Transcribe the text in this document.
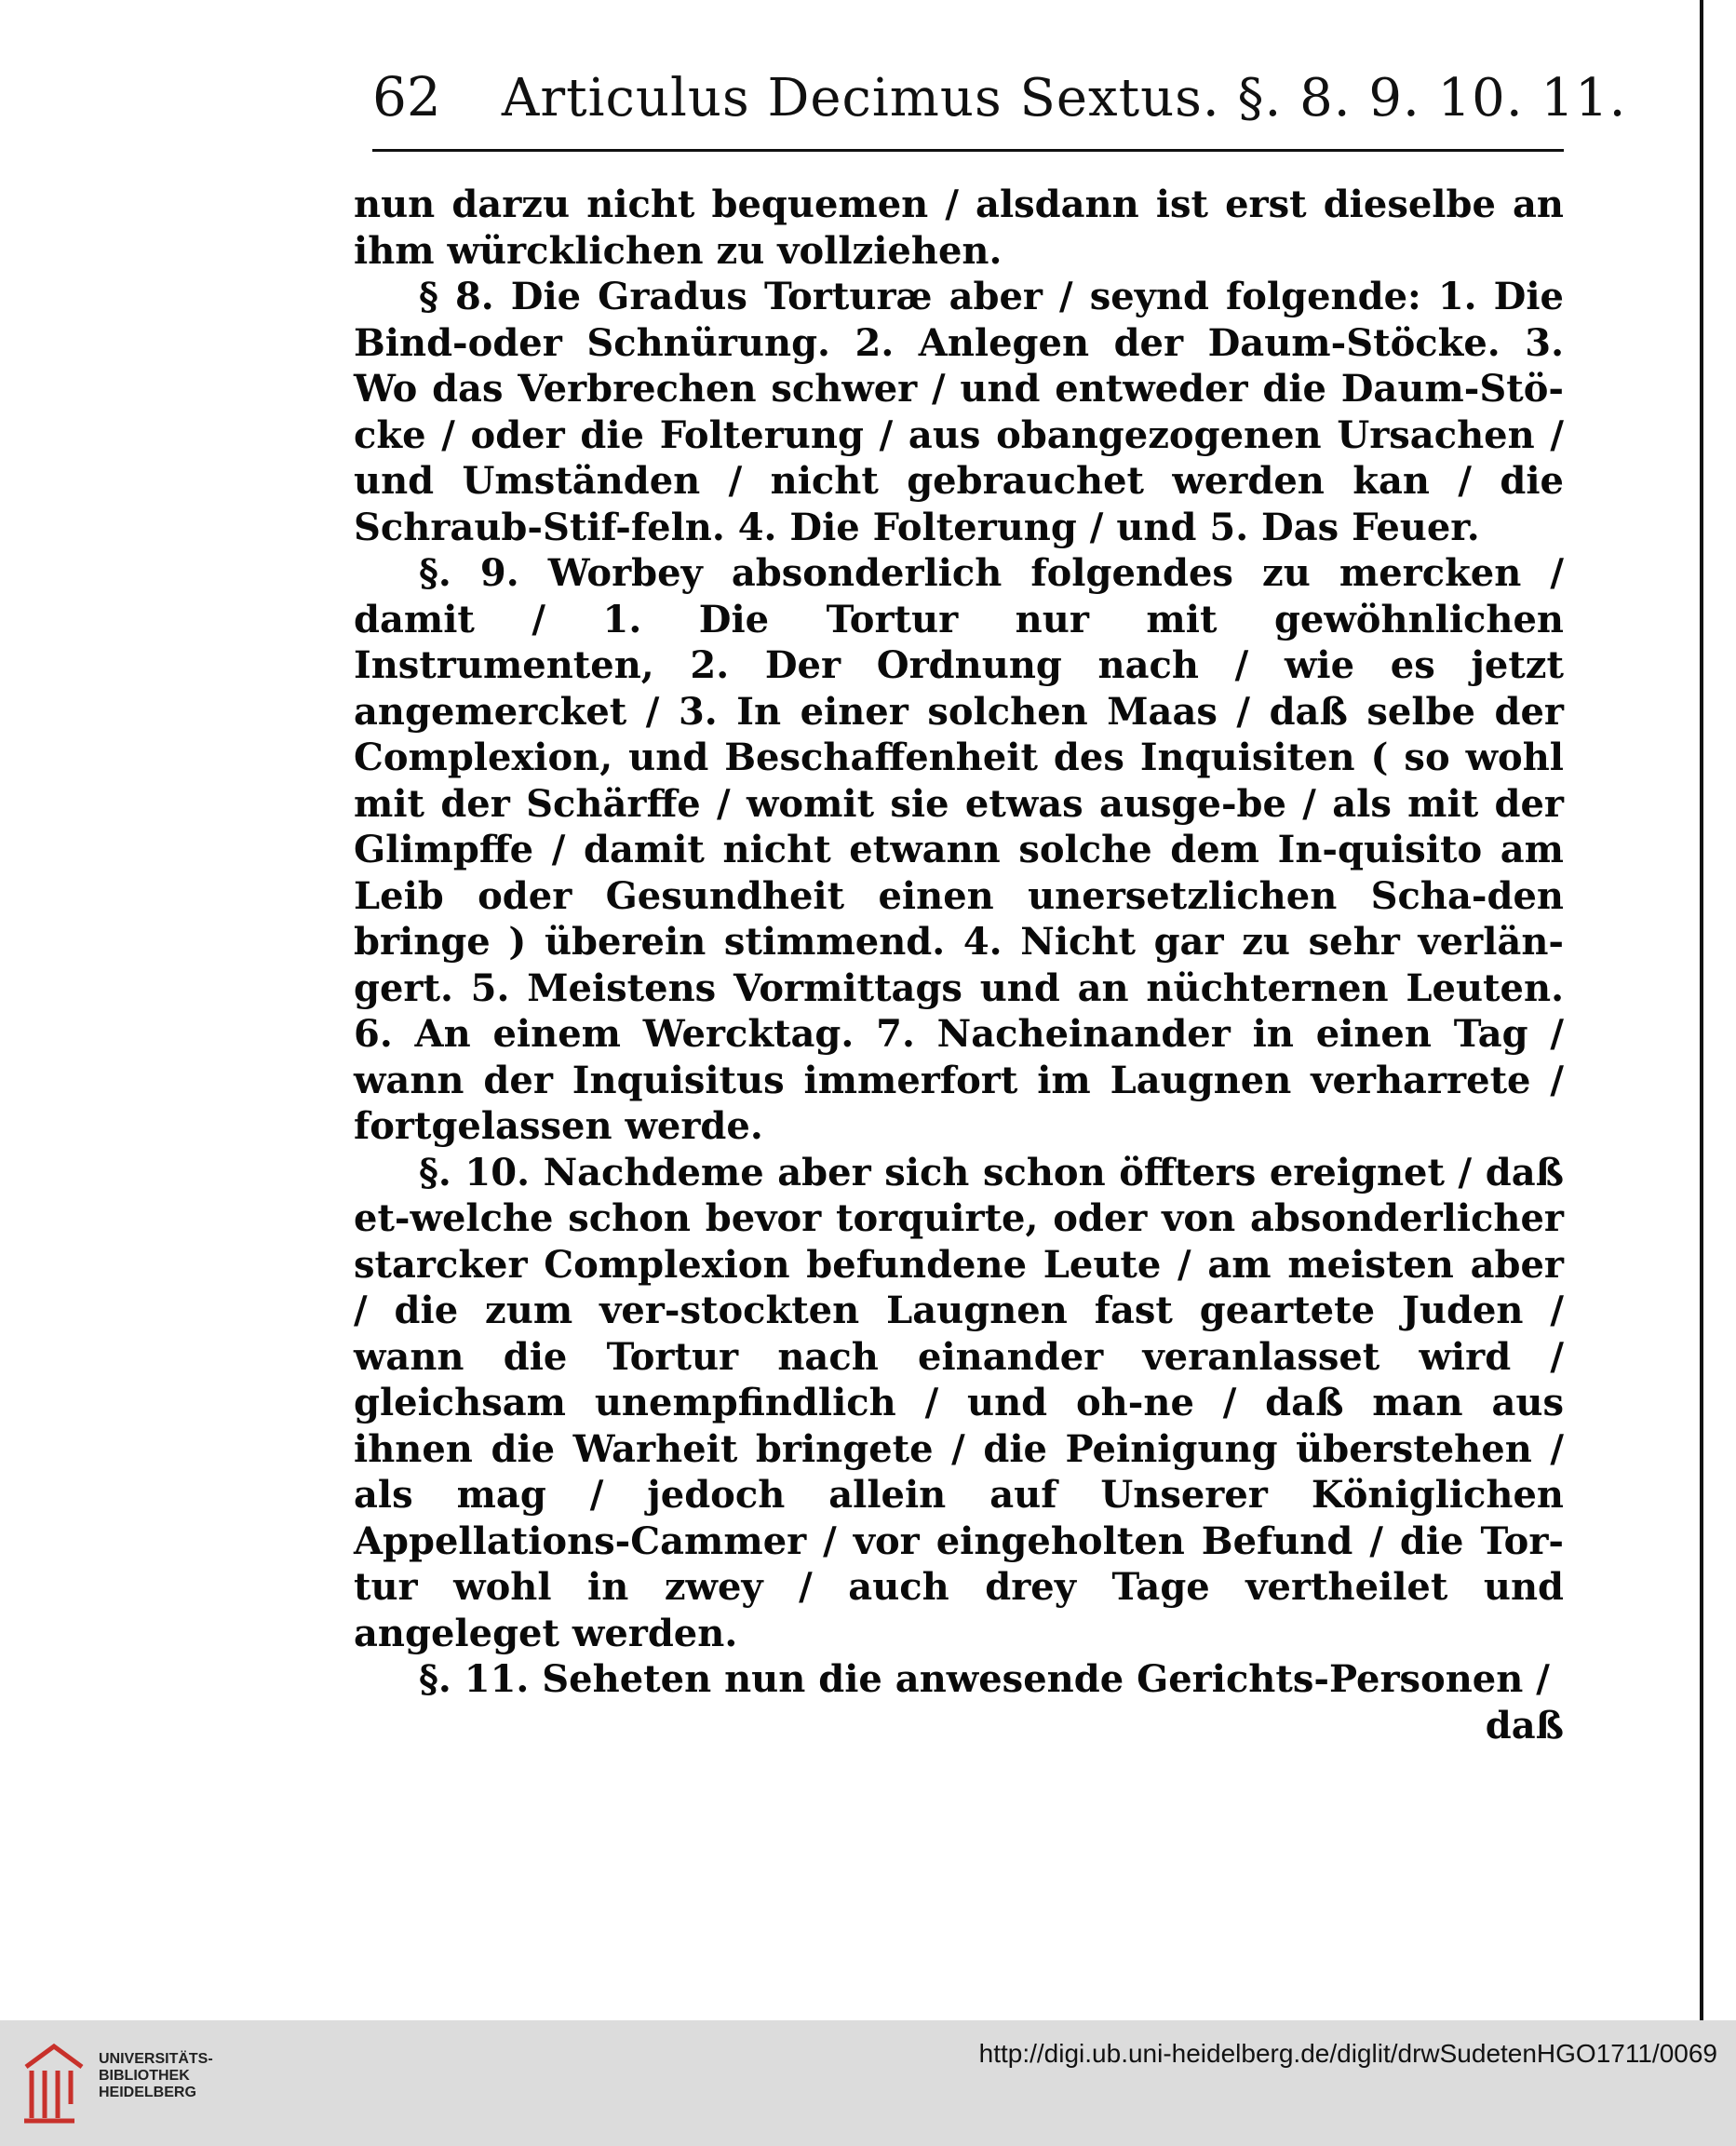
62 Articulus Decimus Sextus. §. 8. 9. 10. 11.

nun darzu nicht bequemen / alsdann ist erst dieselbe an ihm würcklichen zu vollziehen.

§ 8. Die Gradus Torturæ aber / seynd folgende: 1. Die Bind-oder Schnürung. 2. Anlegen der Daum-Stöcke. 3. Wo das Verbrechen schwer / und entweder die Daum-Stö-cke / oder die Folterung / aus obangezogenen Ursachen / und Umständen / nicht gebrauchet werden kan / die Schraub-Stif-feln. 4. Die Folterung / und 5. Das Feuer.

§. 9. Worbey absonderlich folgendes zu mercken / damit / 1. Die Tortur nur mit gewöhnlichen Instrumenten, 2. Der Ordnung nach / wie es jetzt angemercket / 3. In einer solchen Maas / daß selbe der Complexion, und Beschaffenheit des Inquisiten ( so wohl mit der Schärffe / womit sie etwas ausge-be / als mit der Glimpffe / damit nicht etwann solche dem In-quisito am Leib oder Gesundheit einen unersetzlichen Scha-den bringe ) überein stimmend. 4. Nicht gar zu sehr verlän-gert. 5. Meistens Vormittags und an nüchternen Leuten. 6. An einem Wercktag. 7. Nacheinander in einen Tag / wann der Inquisitus immerfort im Laugnen verharrete / fortgelassen werde.

§. 10. Nachdeme aber sich schon öffters ereignet / daß et-welche schon bevor torquirte, oder von absonderlicher starcker Complexion befundene Leute / am meisten aber / die zum ver-stockten Laugnen fast geartete Juden / wann die Tortur nach einander veranlasset wird / gleichsam unempfindlich / und oh-ne / daß man aus ihnen die Warheit bringete / die Peinigung überstehen / als mag / jedoch allein auf Unserer Königlichen Appellations-Cammer / vor eingeholten Befund / die Tor-tur wohl in zwey / auch drey Tage vertheilet und angeleget werden.

§. 11. Seheten nun die anwesende Gerichts-Personen /

daß

UNIVERSITÄTS-
BIBLIOTHEK
HEIDELBERG
http://digi.ub.uni-heidelberg.de/diglit/drwSudetenHGO1711/0069
